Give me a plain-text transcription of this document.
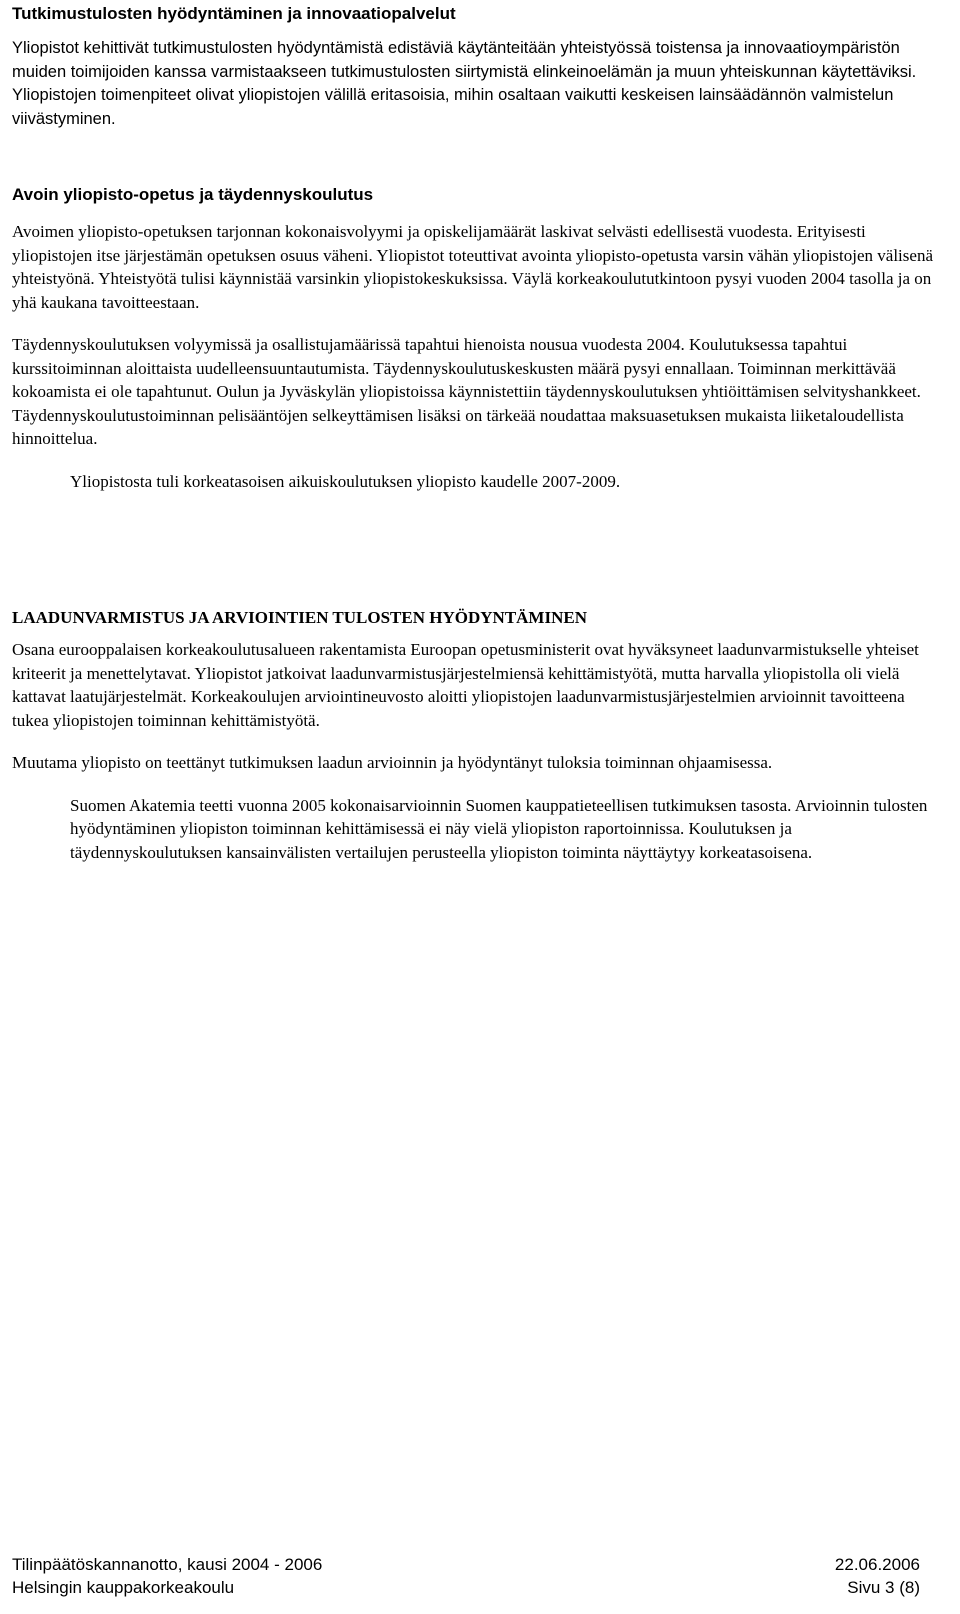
Tutkimustulosten hyödyntäminen ja innovaatiopalvelut

Yliopistot kehittivät tutkimustulosten hyödyntämistä edistäviä käytänteitään yhteistyössä toistensa ja innovaatioympäristön muiden toimijoiden kanssa varmistaakseen tutkimustulosten siirtymistä elinkeinoelämän ja muun yhteiskunnan käytettäviksi. Yliopistojen toimenpiteet olivat yliopistojen välillä eritasoisia, mihin osaltaan vaikutti keskeisen lainsäädännön valmistelun viivästyminen.

Avoin yliopisto-opetus ja täydennyskoulutus

Avoimen yliopisto-opetuksen tarjonnan kokonaisvolyymi ja opiskelijamäärät laskivat selvästi edellisestä vuodesta. Erityisesti yliopistojen itse järjestämän opetuksen osuus väheni. Yliopistot toteuttivat avointa yliopisto-opetusta varsin vähän yliopistojen välisenä yhteistyönä. Yhteistyötä tulisi käynnistää varsinkin yliopistokeskuksissa. Väylä korkeakoulututkintoon pysyi vuoden 2004 tasolla ja on yhä kaukana tavoitteestaan.

Täydennyskoulutuksen volyymissä ja osallistujamäärissä tapahtui hienoista nousua vuodesta 2004. Koulutuksessa tapahtui kurssitoiminnan aloittaista uudelleensuuntautumista. Täydennyskoulutuskeskusten määrä pysyi ennallaan. Toiminnan merkittävää kokoamista ei ole tapahtunut. Oulun ja Jyväskylän yliopistoissa käynnistettiin täydennyskoulutuksen yhtiöittämisen selvityshankkeet. Täydennyskoulutustoiminnan pelisääntöjen selkeyttämisen lisäksi on tärkeää noudattaa maksuasetuksen mukaista liiketaloudellista hinnoittelua.

Yliopistosta tuli korkeatasoisen aikuiskoulutuksen yliopisto kaudelle 2007-2009.

LAADUNVARMISTUS JA ARVIOINTIEN TULOSTEN HYÖDYNTÄMINEN

Osana eurooppalaisen korkeakoulutusalueen rakentamista Euroopan opetusministerit ovat hyväksyneet laadunvarmistukselle yhteiset kriteerit ja menettelytavat. Yliopistot jatkoivat laadunvarmistusjärjestelmiensä kehittämistyötä, mutta harvalla yliopistolla oli vielä kattavat laatujärjestelmät. Korkeakoulujen arviointineuvosto aloitti yliopistojen laadunvarmistusjärjestelmien arvioinnit tavoitteena tukea yliopistojen toiminnan kehittämistyötä.

Muutama yliopisto on teettänyt tutkimuksen laadun arvioinnin ja hyödyntänyt tuloksia toiminnan ohjaamisessa.

Suomen Akatemia teetti vuonna 2005 kokonaisarvioinnin Suomen kauppatieteellisen tutkimuksen tasosta. Arvioinnin tulosten hyödyntäminen yliopiston toiminnan kehittämisessä ei näy vielä yliopiston raportoinnissa. Koulutuksen ja täydennyskoulutuksen kansainvälisten vertailujen perusteella yliopiston toiminta näyttäytyy korkeatasoisena.

Tilinpäätöskannanotto, kausi 2004 - 2006	22.06.2006
Helsingin kauppakorkeakoulu	Sivu 3 (8)
